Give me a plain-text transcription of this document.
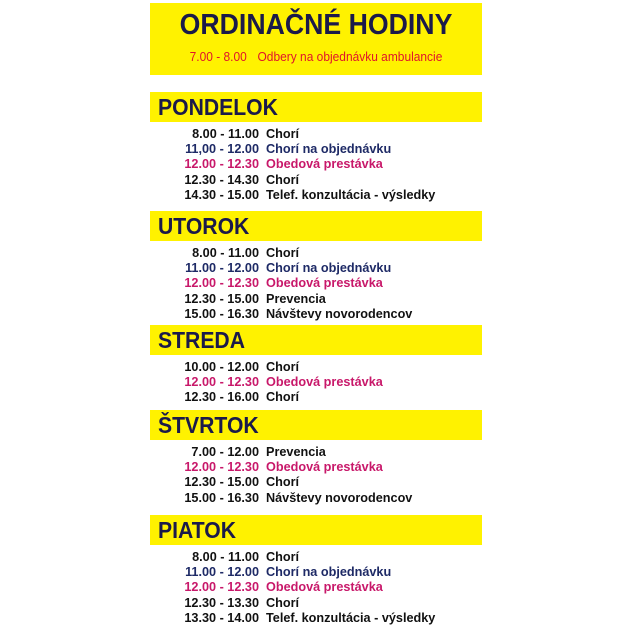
ORDINAČNÉ HODINY
7.00 - 8.00 Odbery na objednávku ambulancie
PONDELOK
8.00 - 11.00 Chorí
11,00 - 12.00 Chorí na objednávku
12.00 - 12.30 Obedová prestávka
12.30 - 14.30 Chorí
14.30 - 15.00 Telef. konzultácia - výsledky
UTOROK
8.00 - 11.00 Chorí
11.00 - 12.00 Chorí na objednávku
12.00 - 12.30 Obedová prestávka
12.30 - 15.00 Prevencia
15.00 - 16.30 Návštevy novorodencov
STREDA
10.00 - 12.00 Chorí
12.00 - 12.30 Obedová prestávka
12.30 - 16.00 Chorí
ŠTVRTOK
7.00 - 12.00 Prevencia
12.00 - 12.30 Obedová prestávka
12.30 - 15.00 Chorí
15.00 - 16.30 Návštevy novorodencov
PIATOK
8.00 - 11.00 Chorí
11.00 - 12.00 Chorí na objednávku
12.00 - 12.30 Obedová prestávka
12.30 - 13.30 Chorí
13.30 - 14.00 Telef. konzultácia - výsledky
